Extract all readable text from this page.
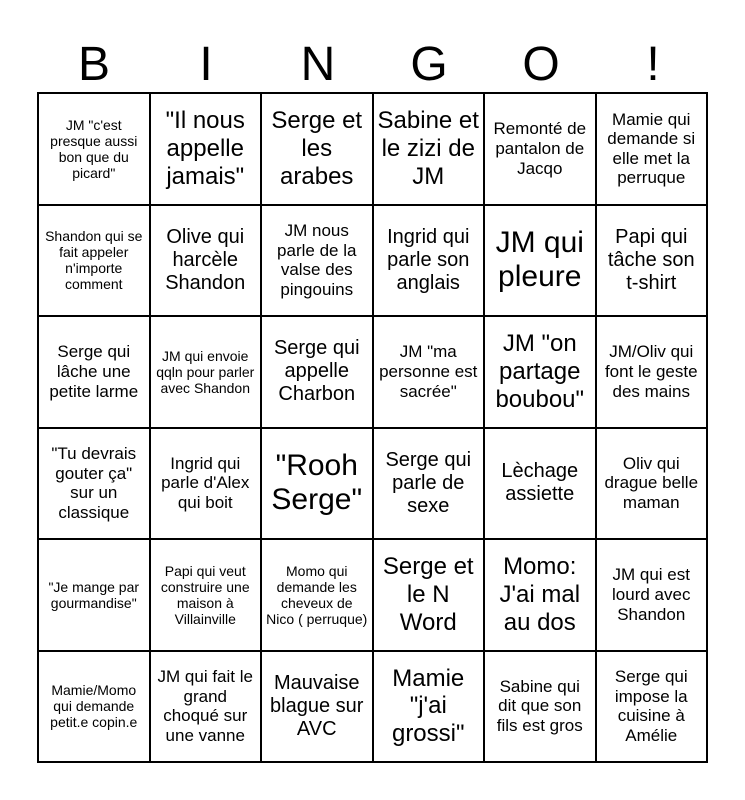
B	I	N	G	O	!
JM "c'est presque aussi bon que du picard"
"Il nous appelle jamais"
Serge et les arabes
Sabine et le zizi de JM
Remonté de pantalon de Jacqo
Mamie qui demande si elle met la perruque
Shandon qui se fait appeler n'importe comment
Olive qui harcèle Shandon
JM nous parle de la valse des pingouins
Ingrid qui parle son anglais
JM qui pleure
Papi qui tâche son t-shirt
Serge qui lâche une petite larme
JM qui envoie qqln pour parler avec Shandon
Serge qui appelle Charbon
JM "ma personne est sacrée"
JM "on partage boubou"
JM/Oliv qui font le geste des mains
"Tu devrais gouter ça" sur un classique
Ingrid qui parle d'Alex qui boit
"Rooh Serge"
Serge qui parle de sexe
Lèchage assiette
Oliv qui drague belle maman
"Je mange par gourmandise"
Papi qui veut construire une maison à Villainville
Momo qui demande les cheveux de Nico ( perruque)
Serge et le N Word
Momo: J'ai mal au dos
JM qui est lourd avec Shandon
Mamie/Momo qui demande petit.e copin.e
JM qui fait le grand choqué sur une vanne
Mauvaise blague sur AVC
Mamie "j'ai grossi"
Sabine qui dit que son fils est gros
Serge qui impose la cuisine à Amélie
